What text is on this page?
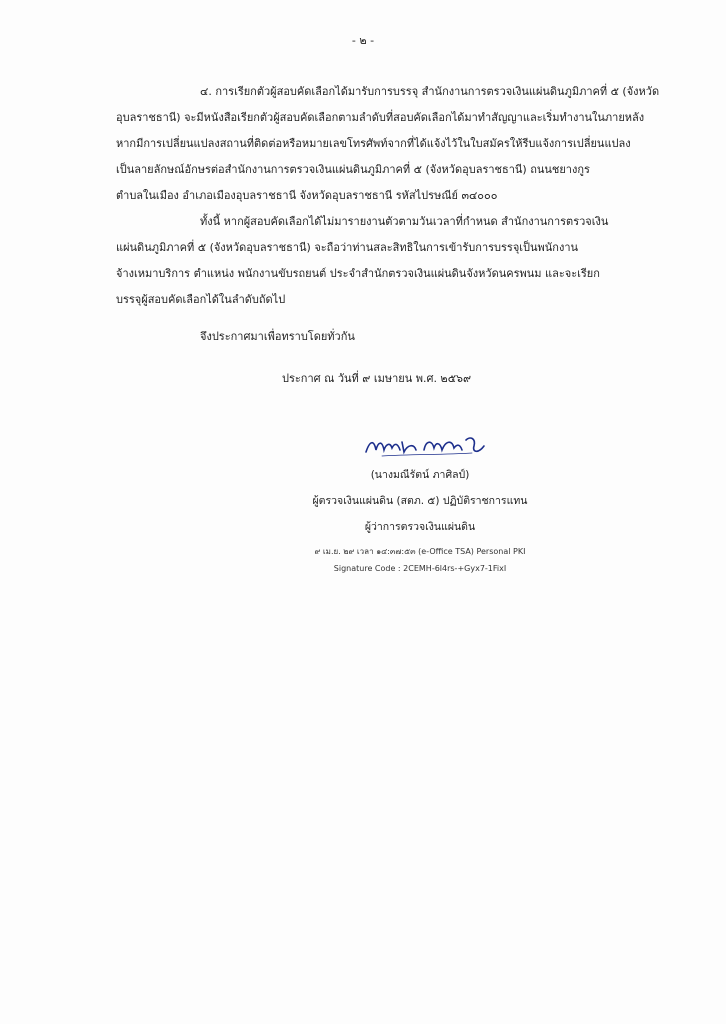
- ๒ -
๔. การเรียกตัวผู้สอบคัดเลือกได้มารับการบรรจุ สำนักงานการตรวจเงินแผ่นดินภูมิภาคที่ ๕ (จังหวัด
อุบลราชธานี) จะมีหนังสือเรียกตัวผู้สอบคัดเลือกตามลำดับที่สอบคัดเลือกได้มาทำสัญญาและเริ่มทำงานในภายหลัง
หากมีการเปลี่ยนแปลงสถานที่ติดต่อหรือหมายเลขโทรศัพท์จากที่ได้แจ้งไว้ในใบสมัครให้รีบแจ้งการเปลี่ยนแปลง
เป็นลายลักษณ์อักษรต่อสำนักงานการตรวจเงินแผ่นดินภูมิภาคที่ ๕ (จังหวัดอุบลราชธานี) ถนนชยางกูร
ตำบลในเมือง อำเภอเมืองอุบลราชธานี จังหวัดอุบลราชธานี รหัสไปรษณีย์ ๓๔๐๐๐
ทั้งนี้ หากผู้สอบคัดเลือกได้ไม่มารายงานตัวตามวันเวลาที่กำหนด สำนักงานการตรวจเงิน
แผ่นดินภูมิภาคที่ ๕ (จังหวัดอุบลราชธานี) จะถือว่าท่านสละสิทธิในการเข้ารับการบรรจุเป็นพนักงาน
จ้างเหมาบริการ ตำแหน่ง พนักงานขับรถยนต์ ประจำสำนักตรวจเงินแผ่นดินจังหวัดนครพนม และจะเรียก
บรรจุผู้สอบคัดเลือกได้ในลำดับถัดไป
จึงประกาศมาเพื่อทราบโดยทั่วกัน
ประกาศ ณ วันที่ ๙ เมษายน พ.ศ. ๒๕๖๙
(นางมณีรัตน์ ภาศิลป์)
ผู้ตรวจเงินแผ่นดิน (สตภ. ๕) ปฏิบัติราชการแทน
ผู้ว่าการตรวจเงินแผ่นดิน
๙ เม.ย. ๒๙ เวลา ๑๔:๓๗:๕๓ (e-Office TSA) Personal PKI
Signature Code : 2CEMH-6l4rs-+Gyx7-1FixI
